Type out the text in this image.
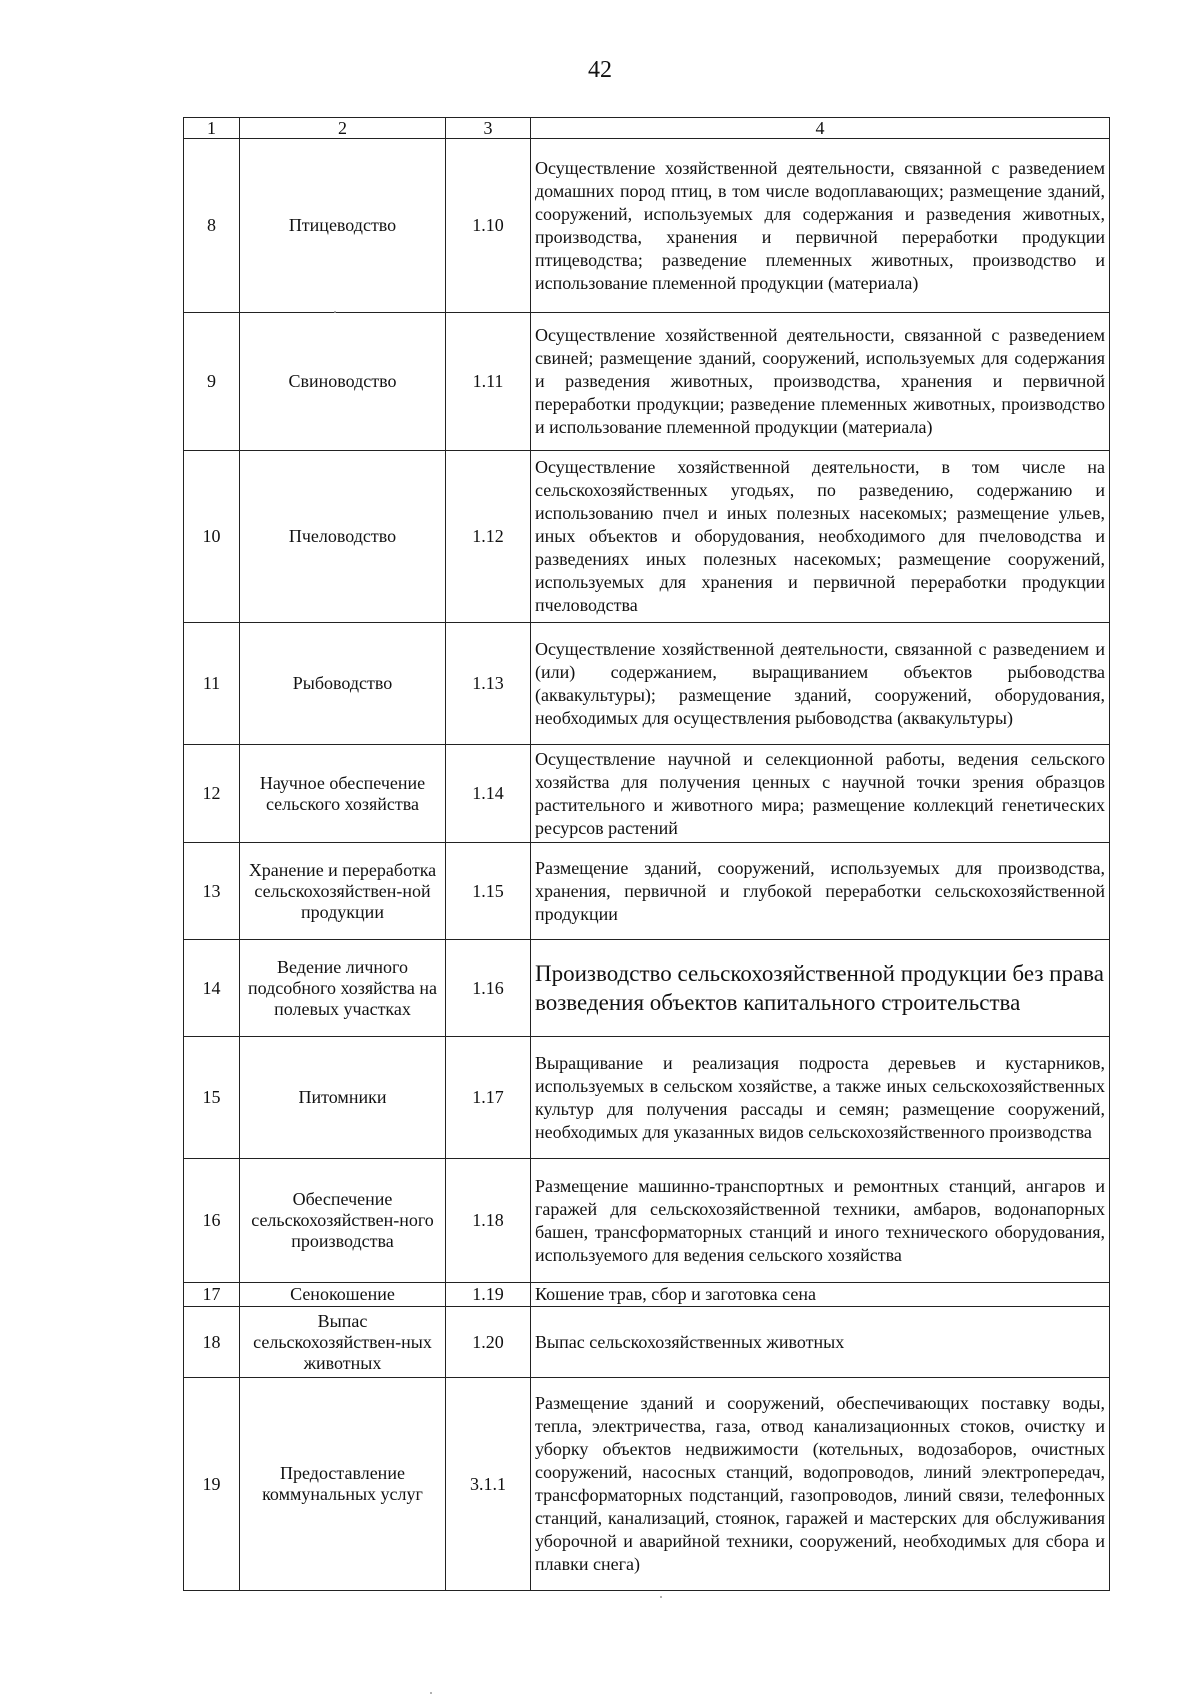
42
1	2	3	4
8	Птицеводство	1.10	Осуществление хозяйственной деятельности, связанной с разведением домашних пород птиц, в том числе водоплавающих; размещение зданий, сооружений, используемых для содержания и разведения животных, производства, хранения и первичной переработки продукции птицеводства; разведение племенных животных, производство и использование племенной продукции (материала)
9	Свиноводство	1.11	Осуществление хозяйственной деятельности, связанной с разведением свиней; размещение зданий, сооружений, используемых для содержания и разведения животных, производства, хранения и первичной переработки продукции; разведение племенных животных, производство и использование племенной продукции (материала)
10	Пчеловодство	1.12	Осуществление хозяйственной деятельности, в том числе на сельскохозяйственных угодьях, по разведению, содержанию и использованию пчел и иных полезных насекомых; размещение ульев, иных объектов и оборудования, необходимого для пчеловодства и разведениях иных полезных насекомых; размещение сооружений, используемых для хранения и первичной переработки продукции пчеловодства
11	Рыбоводство	1.13	Осуществление хозяйственной деятельности, связанной с разведением и (или) содержанием, выращиванием объектов рыбоводства (аквакультуры); размещение зданий, сооружений, оборудования, необходимых для осуществления рыбоводства (аквакультуры)
12	Научное обеспечение сельского хозяйства	1.14	Осуществление научной и селекционной работы, ведения сельского хозяйства для получения ценных с научной точки зрения образцов растительного и животного мира; размещение коллекций генетических ресурсов растений
13	Хранение и переработка сельскохозяйствен-ной продукции	1.15	Размещение зданий, сооружений, используемых для производства, хранения, первичной и глубокой переработки сельскохозяйственной продукции
14	Ведение личного подсобного хозяйства на полевых участках	1.16	Производство сельскохозяйственной продукции без права возведения объектов капитального строительства
15	Питомники	1.17	Выращивание и реализация подроста деревьев и кустарников, используемых в сельском хозяйстве, а также иных сельскохозяйственных культур для получения рассады и семян; размещение сооружений, необходимых для указанных видов сельскохозяйственного производства
16	Обеспечение сельскохозяйствен-ного производства	1.18	Размещение машинно-транспортных и ремонтных станций, ангаров и гаражей для сельскохозяйственной техники, амбаров, водонапорных башен, трансформаторных станций и иного технического оборудования, используемого для ведения сельского хозяйства
17	Сенокошение	1.19	Кошение трав, сбор и заготовка сена
18	Выпас сельскохозяйствен-ных животных	1.20	Выпас сельскохозяйственных животных
19	Предоставление коммунальных услуг	3.1.1	Размещение зданий и сооружений, обеспечивающих поставку воды, тепла, электричества, газа, отвод канализационных стоков, очистку и уборку объектов недвижимости (котельных, водозаборов, очистных сооружений, насосных станций, водопроводов, линий электропередач, трансформаторных подстанций, газопроводов, линий связи, телефонных станций, канализаций, стоянок, гаражей и мастерских для обслуживания уборочной и аварийной техники, сооружений, необходимых для сбора и плавки снега)
